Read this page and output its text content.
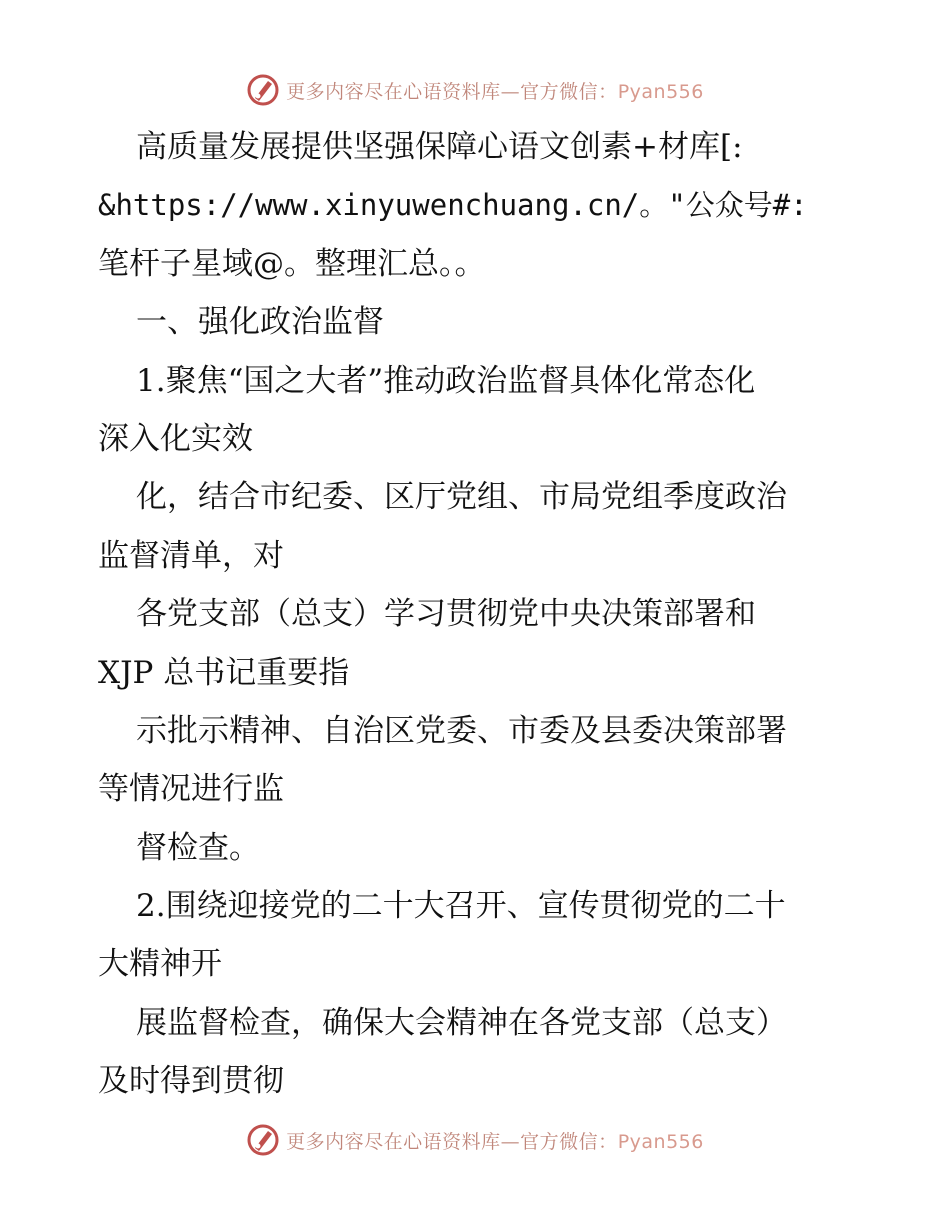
更多内容尽在心语资料库—官方微信：Pyan556
高质量发展提供坚强保障心语文创素+材库[:
&https://www.xinyuwenchuang.cn/。"公众号#:
笔杆子星域@。整理汇总。。
一、强化政治监督
1.聚焦“国之大者”推动政治监督具体化常态化
深入化实效
化，结合市纪委、区厅党组、市局党组季度政治
监督清单，对
各党支部（总支）学习贯彻党中央决策部署和
XJP 总书记重要指
示批示精神、自治区党委、市委及县委决策部署
等情况进行监
督检查。
2.围绕迎接党的二十大召开、宣传贯彻党的二十
大精神开
展监督检查，确保大会精神在各党支部（总支）
及时得到贯彻
更多内容尽在心语资料库—官方微信：Pyan556
